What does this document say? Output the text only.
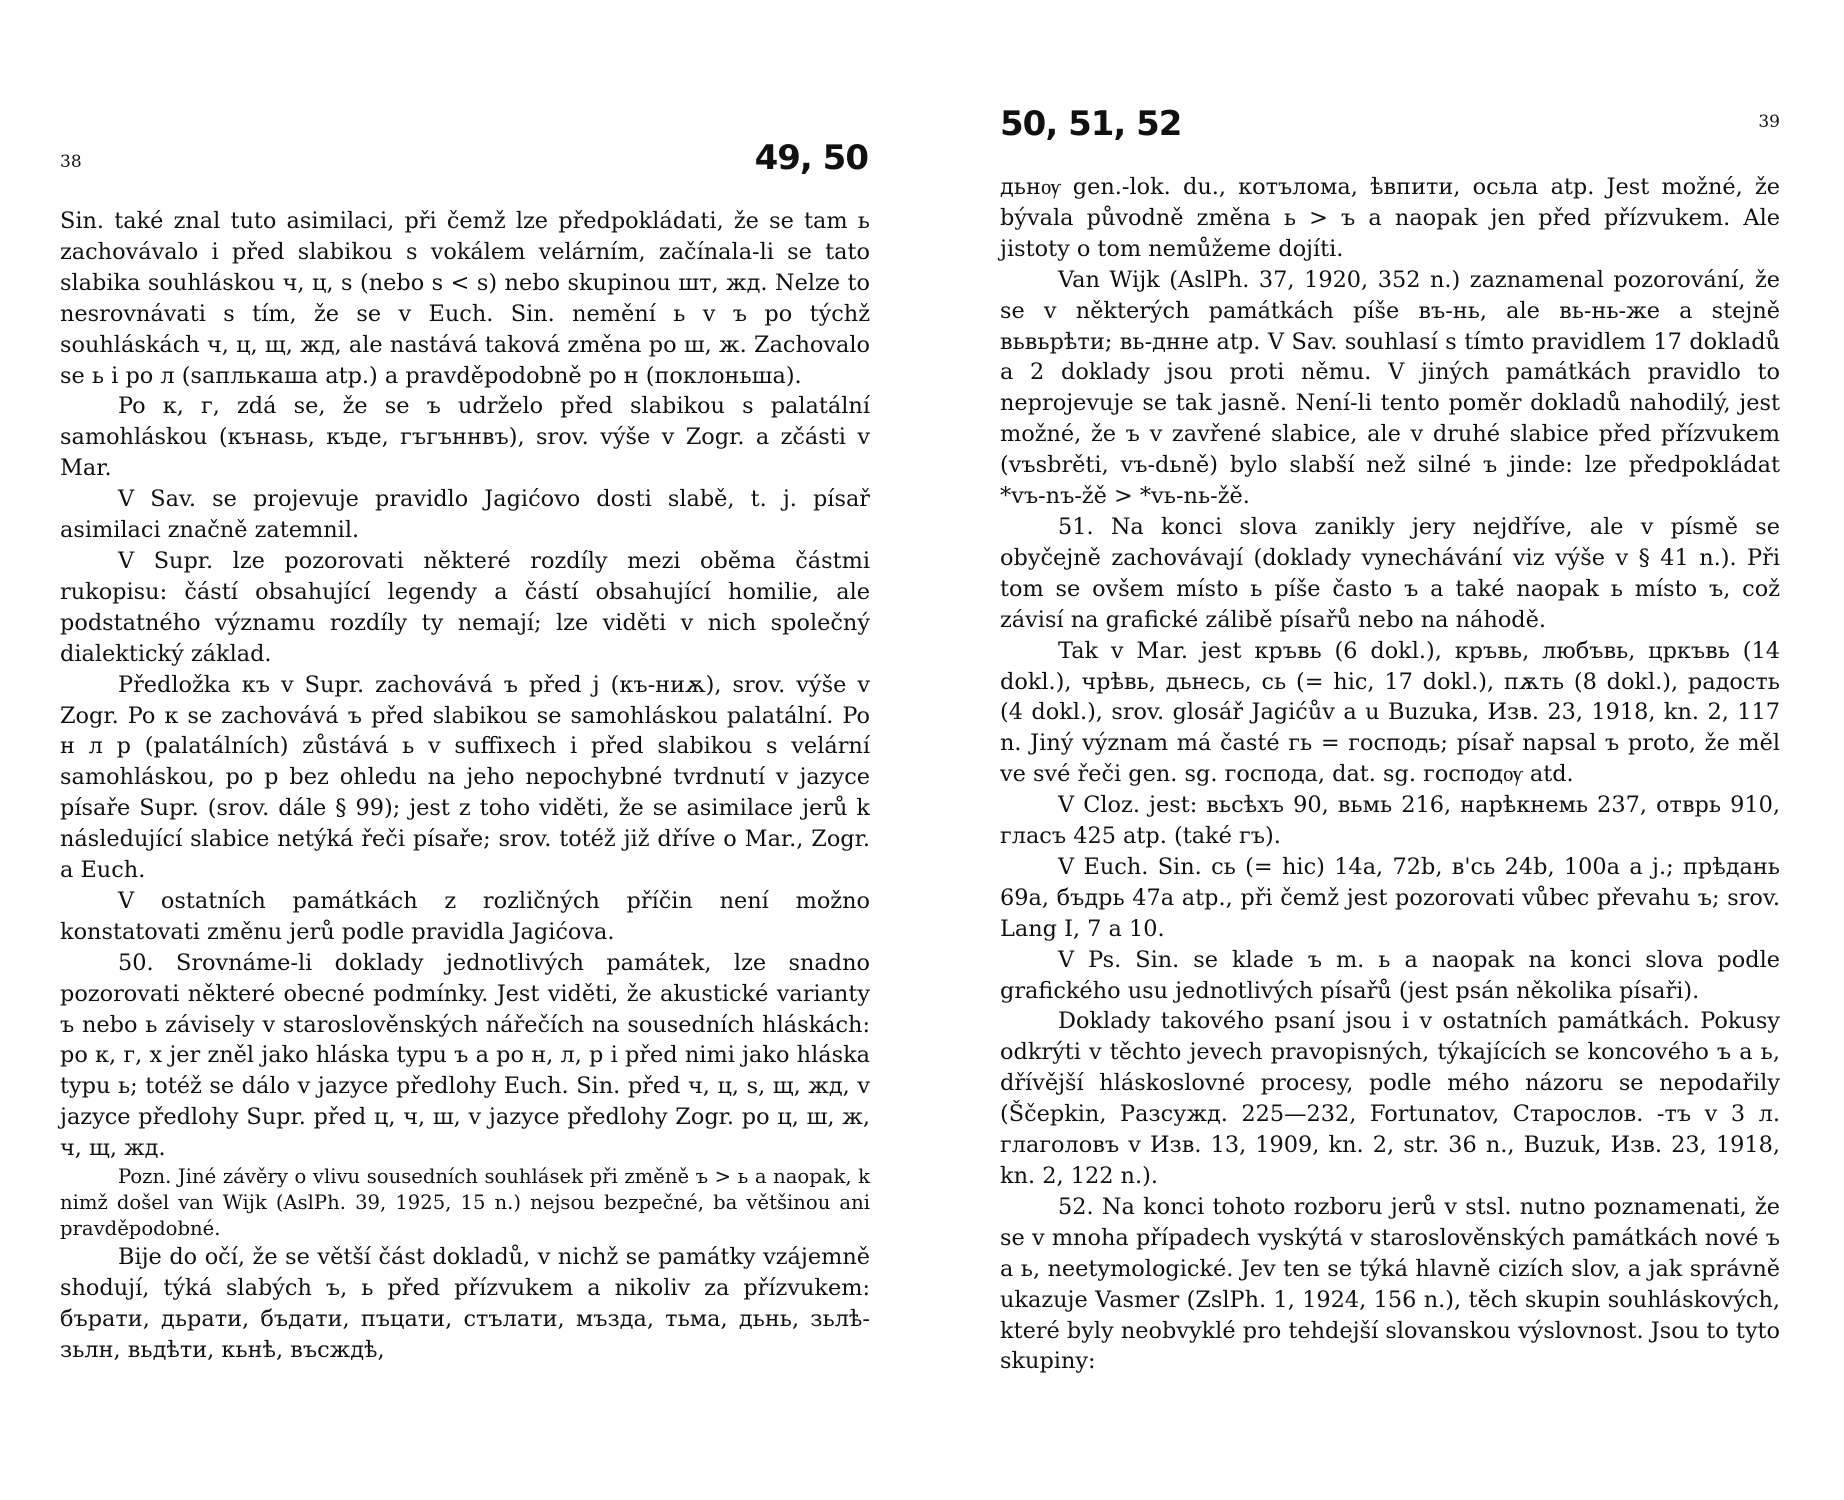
38	49, 50

Sin. také znal tuto asimilaci, při čemž lze předpokládati, že se tam ь zachovávalo i před slabikou s vokálem velárním, začínala-li se tato slabika souhláskou ч, ц, ѕ (nebo ѕ < ѕ) nebo skupinou шт, жд. Nelze to nesrovnávati s tím, že se v Euch. Sin. nemění ь v ъ po týchž souhláskách ч, ц, щ, жд, ale nastává taková změna po ш, ж. Zachovalo se ь i po л (ѕаплькаша atp.) a pravděpodobně po н (поклоньша).

Po к, г, zdá se, že se ъ udrželo před slabikou s palatální samohláskou (кънаѕь, къде, гъгъннвъ), srov. výše v Zogr. a zčásti v Mar.

V Sav. se projevuje pravidlo Jagićovo dosti slabě, t. j. písař asimilaci značně zatemnil.

V Supr. lze pozorovati některé rozdíly mezi oběma částmi rukopisu: částí obsahující legendy a částí obsahující homilie, ale podstatného významu rozdíly ty nemají; lze viděti v nich společný dialektický základ.

Předložka къ v Supr. zachovává ъ před j (къ-ниѫ), srov. výše v Zogr. Po к se zachovává ъ před slabikou se samohláskou palatální. Po н л р (palatálních) zůstává ь v suffixech i před slabikou s velární samohláskou, po р bez ohledu na jeho nepochybné tvrdnutí v jazyce písaře Supr. (srov. dále § 99); jest z toho viděti, že se asimilace jerů k následující slabice netýká řeči písaře; srov. totéž již dříve o Mar., Zogr. a Euch.

V ostatních památkách z rozličných příčin není možno konstatovati změnu jerů podle pravidla Jagićova.

50. Srovnáme-li doklady jednotlivých památek, lze snadno pozorovati některé obecné podmínky. Jest viděti, že akustické varianty ъ nebo ь závisely v staroslověnských nářečích na sousedních hláskách: po к, г, х jer zněl jako hláska typu ъ a po н, л, р i před nimi jako hláska typu ь; totéž se dálo v jazyce předlohy Euch. Sin. před ч, ц, ѕ, щ, жд, v jazyce předlohy Supr. před ц, ч, ш, v jazyce předlohy Zogr. po ц, ш, ж, ч, щ, жд.

Pozn. Jiné závěry o vlivu sousedních souhlásek při změně ъ > ь a naopak, k nimž došel van Wijk (AslPh. 39, 1925, 15 n.) nejsou bezpečné, ba většinou ani pravděpodobné.

Bije do očí, že se větší část dokladů, v nichž se památky vzájemně shodují, týká slabých ъ, ь před přízvukem a nikoliv za přízvukem: бърати, дьрати, бъдати, пъцати, стълати, мъзда, тьма, дьнь, зьлѣ-зьлн, вьдѣти, кьнѣ, въсждѣ,

50, 51, 52	39

дьнѹ gen.-lok. du., котълома, ѣвпити, осьла atp. Jest možné, že bývala původně změna ь > ъ a naopak jen před přízvukem. Ale jistoty o tom nemůžeme dojíti.

Van Wijk (AslPh. 37, 1920, 352 n.) zaznamenal pozorování, že se v některých památkách píše въ-нь, ale вь-нь-же a stejně вьвьрѣти; вь-днне atp. V Sav. souhlasí s tímto pravidlem 17 dokladů a 2 doklady jsou proti němu. V jiných památkách pravidlo to neprojevuje se tak jasně. Není-li tento poměr dokladů nahodilý, jest možné, že ъ v zavřené slabice, ale v druhé slabice před přízvukem (vъsbrěti, vъ-dьně) bylo slabší než silné ъ jinde: lze předpokládat *vъ-nъ-žě > *vь-nь-žě.

51. Na konci slova zanikly jery nejdříve, ale v písmě se obyčejně zachovávají (doklady vynechávání viz výše v § 41 n.). Při tom se ovšem místo ь píše často ъ a také naopak ь místo ъ, což závisí na grafické zálibě písařů nebo na náhodě.

Tak v Mar. jest кръвь (6 dokl.), кръвь, любъвь, цркъвь (14 dokl.), чрѣвь, дьнесь, сь (= hic, 17 dokl.), пѫть (8 dokl.), радость (4 dokl.), srov. glosář Jagićův a u Buzuka, Изв. 23, 1918, kn. 2, 117 n. Jiný význam má časté гь = господь; písař napsal ъ proto, že měl ve své řeči gen. sg. господа, dat. sg. господѹ atd.

V Cloz. jest: вьсѣхъ 90, вьмь 216, нарѣкнемь 237, отврь 910, гласъ 425 atp. (také гъ).

V Euch. Sin. сь (= hic) 14a, 72b, в'сь 24b, 100a a j.; прѣдань 69a, бъдрь 47a atp., při čemž jest pozorovati vůbec převahu ъ; srov. Lang I, 7 a 10.

V Ps. Sin. se klade ъ m. ь a naopak na konci slova podle grafického usu jednotlivých písařů (jest psán několika písaři).

Doklady takového psaní jsou i v ostatních památkách. Pokusy odkrýti v těchto jevech pravopisných, týkajících se koncového ъ a ь, dřívější hláskoslovné procesy, podle mého názoru se nepodařily (Ščepkin, Разсужд. 225—232, Fortunatov, Старослов. -тъ v 3 л. глаголовъ v Изв. 13, 1909, kn. 2, str. 36 n., Buzuk, Изв. 23, 1918, kn. 2, 122 n.).

52. Na konci tohoto rozboru jerů v stsl. nutno poznamenati, že se v mnoha případech vyskýtá v staroslověnských památkách nové ъ a ь, neetymologické. Jev ten se týká hlavně cizích slov, a jak správně ukazuje Vasmer (ZslPh. 1, 1924, 156 n.), těch skupin souhláskových, které byly neobvyklé pro tehdejší slovanskou výslovnost. Jsou to tyto skupiny:
